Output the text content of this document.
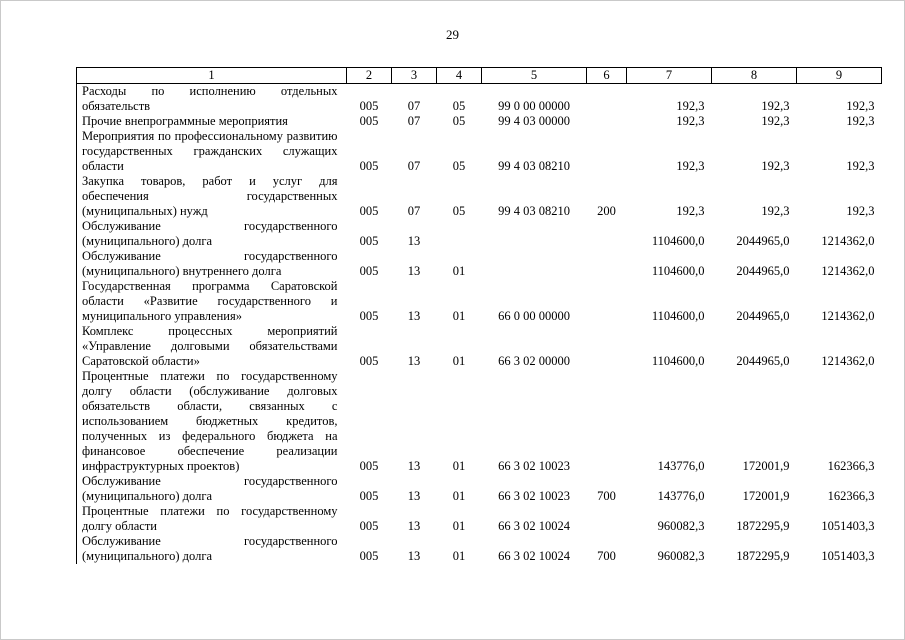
29
1	2	3	4	5	6	7	8	9
Расходы по исполнению отдельных обязательств	005	07	05	99 0 00 00000		192,3	192,3	192,3
Прочие внепрограммные мероприятия	005	07	05	99 4 03 00000		192,3	192,3	192,3
Мероприятия по профессиональному развитию государственных гражданских служащих области	005	07	05	99 4 03 08210		192,3	192,3	192,3
Закупка товаров, работ и услуг для обеспечения государственных (муниципальных) нужд	005	07	05	99 4 03 08210	200	192,3	192,3	192,3
Обслуживание государственного (муниципального) долга	005	13				1104600,0	2044965,0	1214362,0
Обслуживание государственного (муниципального) внутреннего долга	005	13	01			1104600,0	2044965,0	1214362,0
Государственная программа Саратовской области «Развитие государственного и муниципального управления»	005	13	01	66 0 00 00000		1104600,0	2044965,0	1214362,0
Комплекс процессных мероприятий «Управление долговыми обязательствами Саратовской области»	005	13	01	66 3 02 00000		1104600,0	2044965,0	1214362,0
Процентные платежи по государственному долгу области (обслуживание долговых обязательств области, связанных с использованием бюджетных кредитов, полученных из федерального бюджета на финансовое обеспечение реализации инфраструктурных проектов)	005	13	01	66 3 02 10023		143776,0	172001,9	162366,3
Обслуживание государственного (муниципального) долга	005	13	01	66 3 02 10023	700	143776,0	172001,9	162366,3
Процентные платежи по государственному долгу области	005	13	01	66 3 02 10024		960082,3	1872295,9	1051403,3
Обслуживание государственного (муниципального) долга	005	13	01	66 3 02 10024	700	960082,3	1872295,9	1051403,3
